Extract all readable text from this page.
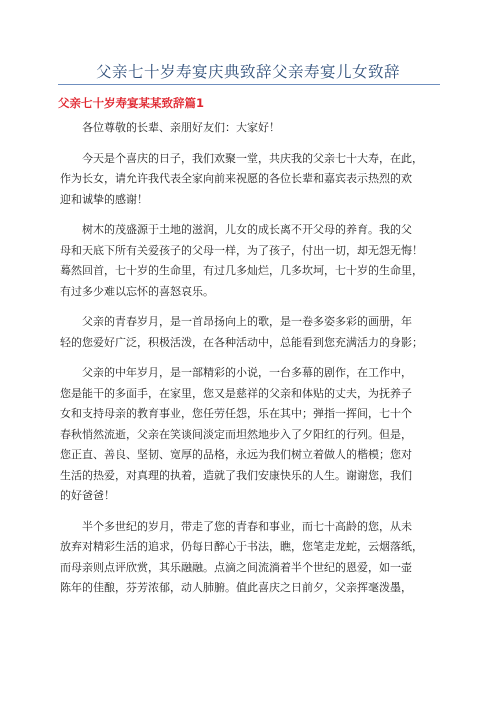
父亲七十岁寿宴庆典致辞父亲寿宴儿女致辞
父亲七十岁寿宴某某致辞篇1
各位尊敬的长辈、亲朋好友们：大家好！
今天是个喜庆的日子，我们欢聚一堂，共庆我的父亲七十大寿，在此，
作为长女，请允许我代表全家向前来祝愿的各位长辈和嘉宾表示热烈的欢
迎和诚挚的感谢！
树木的茂盛源于土地的滋润，儿女的成长离不开父母的养育。我的父
母和天底下所有关爱孩子的父母一样，为了孩子，付出一切，却无怨无悔！
蓦然回首，七十岁的生命里，有过几多灿烂，几多坎坷，七十岁的生命里，
有过多少难以忘怀的喜怒哀乐。
父亲的青春岁月，是一首昂扬向上的歌，是一卷多姿多彩的画册，年
轻的您爱好广泛，积极活泼，在各种活动中，总能看到您充满活力的身影；
父亲的中年岁月，是一部精彩的小说，一台多幕的剧作，在工作中，
您是能干的多面手，在家里，您又是慈祥的父亲和体贴的丈夫，为抚养子
女和支持母亲的教育事业，您任劳任怨，乐在其中；弹指一挥间，七十个
春秋悄然流逝，父亲在笑谈间淡定而坦然地步入了夕阳红的行列。但是，
您正直、善良、坚韧、宽厚的品格，永远为我们树立着做人的楷模；您对
生活的热爱，对真理的执着，造就了我们安康快乐的人生。谢谢您，我们
的好爸爸！
半个多世纪的岁月，带走了您的青春和事业，而七十高龄的您，从未
放弃对精彩生活的追求，仍每日醉心于书法，瞧，您笔走龙蛇，云烟落纸，
而母亲则点评欣赏，其乐融融。点滴之间流淌着半个世纪的恩爱，如一壶
陈年的佳酿，芬芳浓郁，动人肺腑。值此喜庆之日前夕，父亲挥毫泼墨，
